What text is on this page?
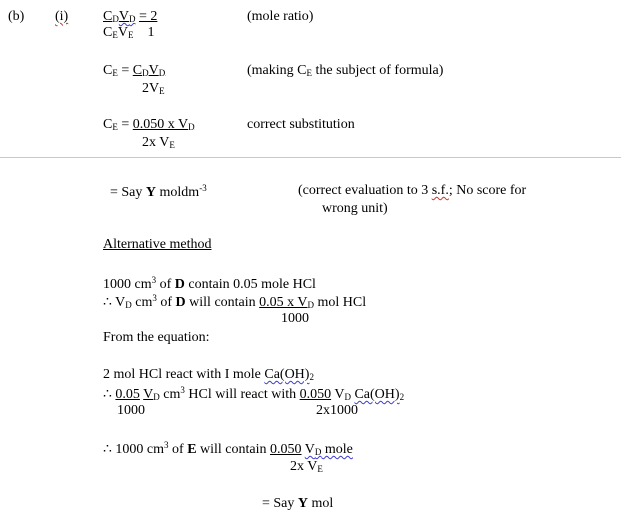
(b) (i) $C_DV_D = 2$
$C_EV_E$    1
(mole ratio)
$C_E = C_DV_D$
$2V_E$
(making $C_E$ the subject of formula)
$C_E = 0.050$ x $V_D$
2x $V_E$
correct substitution
= Say Y moldm$^{-3}$	(correct evaluation to 3 s.f.; No score for
wrong unit)
Alternative method
1000 $cm^3$ of D contain 0.05 mole HCl
∴ $V_D$ $cm^3$ of D will contain 0.05 x $V_D$ mol HCl
1000
From the equation:
2 mol HCl react with I mole $Ca(OH)_2$
∴ 0.05 $V_D$ $cm^3$ HCl will react with 0.050 $V_D$ $Ca(OH)_2$
1000	2x1000
∴ 1000 $cm^3$ of E will contain 0.050 $V_D$ mole
2x $V_E$
= Say Y mol
